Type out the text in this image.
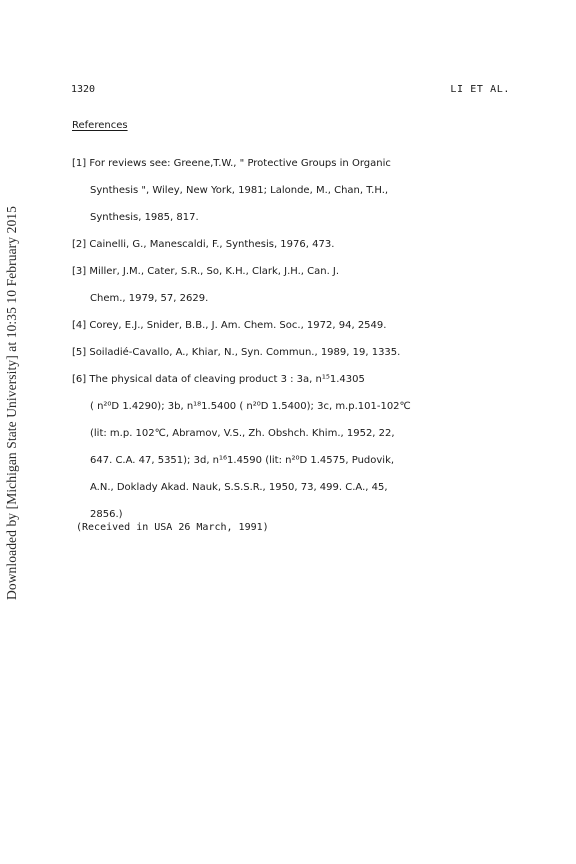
Downloaded by [Michigan State University] at 10:35 10 February 2015
1320	LI ET AL.
References
[1] For reviews see: Greene,T.W., " Protective Groups in Organic
Synthesis ", Wiley, New York, 1981; Lalonde, M., Chan, T.H.,
Synthesis, 1985, 817.
[2] Cainelli, G., Manescaldi, F., Synthesis, 1976, 473.
[3] Miller, J.M., Cater, S.R., So, K.H., Clark, J.H., Can. J.
Chem., 1979, 57, 2629.
[4] Corey, E.J., Snider, B.B., J. Am. Chem. Soc., 1972, 94, 2549.
[5] Soiladié-Cavallo, A., Khiar, N., Syn. Commun., 1989, 19, 1335.
[6] The physical data of cleaving product 3 : 3a, n¹⁵1.4305
( n²⁰D 1.4290); 3b, n¹⁸1.5400 ( n²⁰D 1.5400); 3c, m.p.101-102℃
(lit: m.p. 102℃, Abramov, V.S., Zh. Obshch. Khim., 1952, 22,
647. C.A. 47, 5351); 3d, n¹⁶1.4590 (lit: n²⁰D 1.4575, Pudovik,
A.N., Doklady Akad. Nauk, S.S.S.R., 1950, 73, 499. C.A., 45,
2856.)
(Received in USA 26 March, 1991)
